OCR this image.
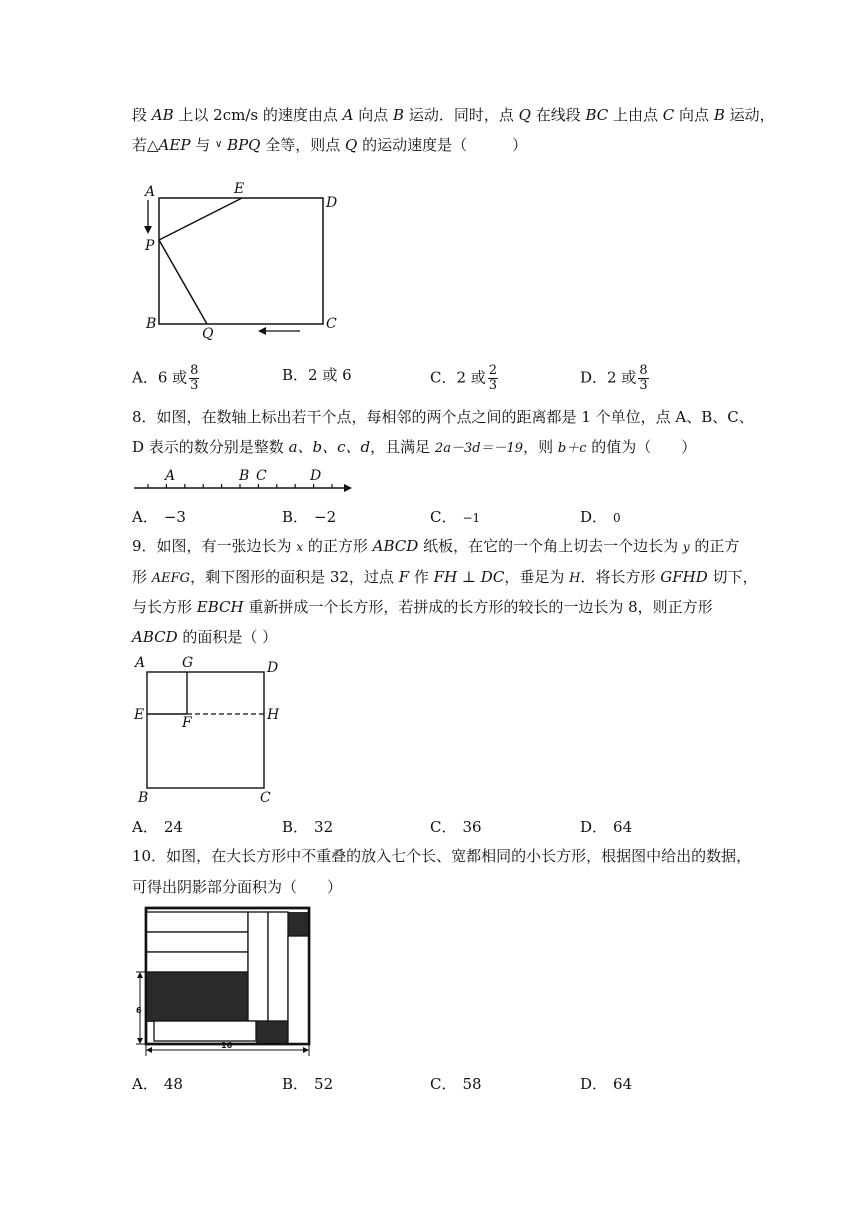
段 AB 上以 2cm/s 的速度由点 A 向点 B 运动．同时，点 Q 在线段 BC 上由点 C 向点 B 运动，
若△AEP 与 ∨ BPQ 全等，则点 Q 的运动速度是（　　　）
A	E
D
P
B
Q
C
A．6 或 $\frac{8}{3}$	B．2 或 6	C．2 或 $\frac{2}{3}$	D．2 或 $\frac{8}{3}$
8．如图，在数轴上标出若干个点，每相邻的两个点之间的距离都是 1 个单位，点 A、B、C、
D 表示的数分别是整数 a、b、c、d，且满足 2a－3d＝－19，则 b＋c 的值为（　　）
A	B C	D
A． −3	B． −2	C． −1	D． 0
9．如图，有一张边长为 x 的正方形 ABCD 纸板，在它的一个角上切去一个边长为 y 的正方
形 AEFG，剩下图形的面积是 32，过点 F 作 FH ⊥ DC，垂足为 H．将长方形 GFHD 切下，
与长方形 EBCH 重新拼成一个长方形，若拼成的长方形的较长的一边长为 8，则正方形
ABCD 的面积是（ ）
A	G	D
E	F	H
B	C
A． 24	B． 32	C． 36	D． 64
10．如图，在大长方形中不重叠的放入七个长、宽都相同的小长方形，根据图中给出的数据，
可得出阴影部分面积为（　　）
6
16
A． 48	B． 52	C． 58	D． 64
